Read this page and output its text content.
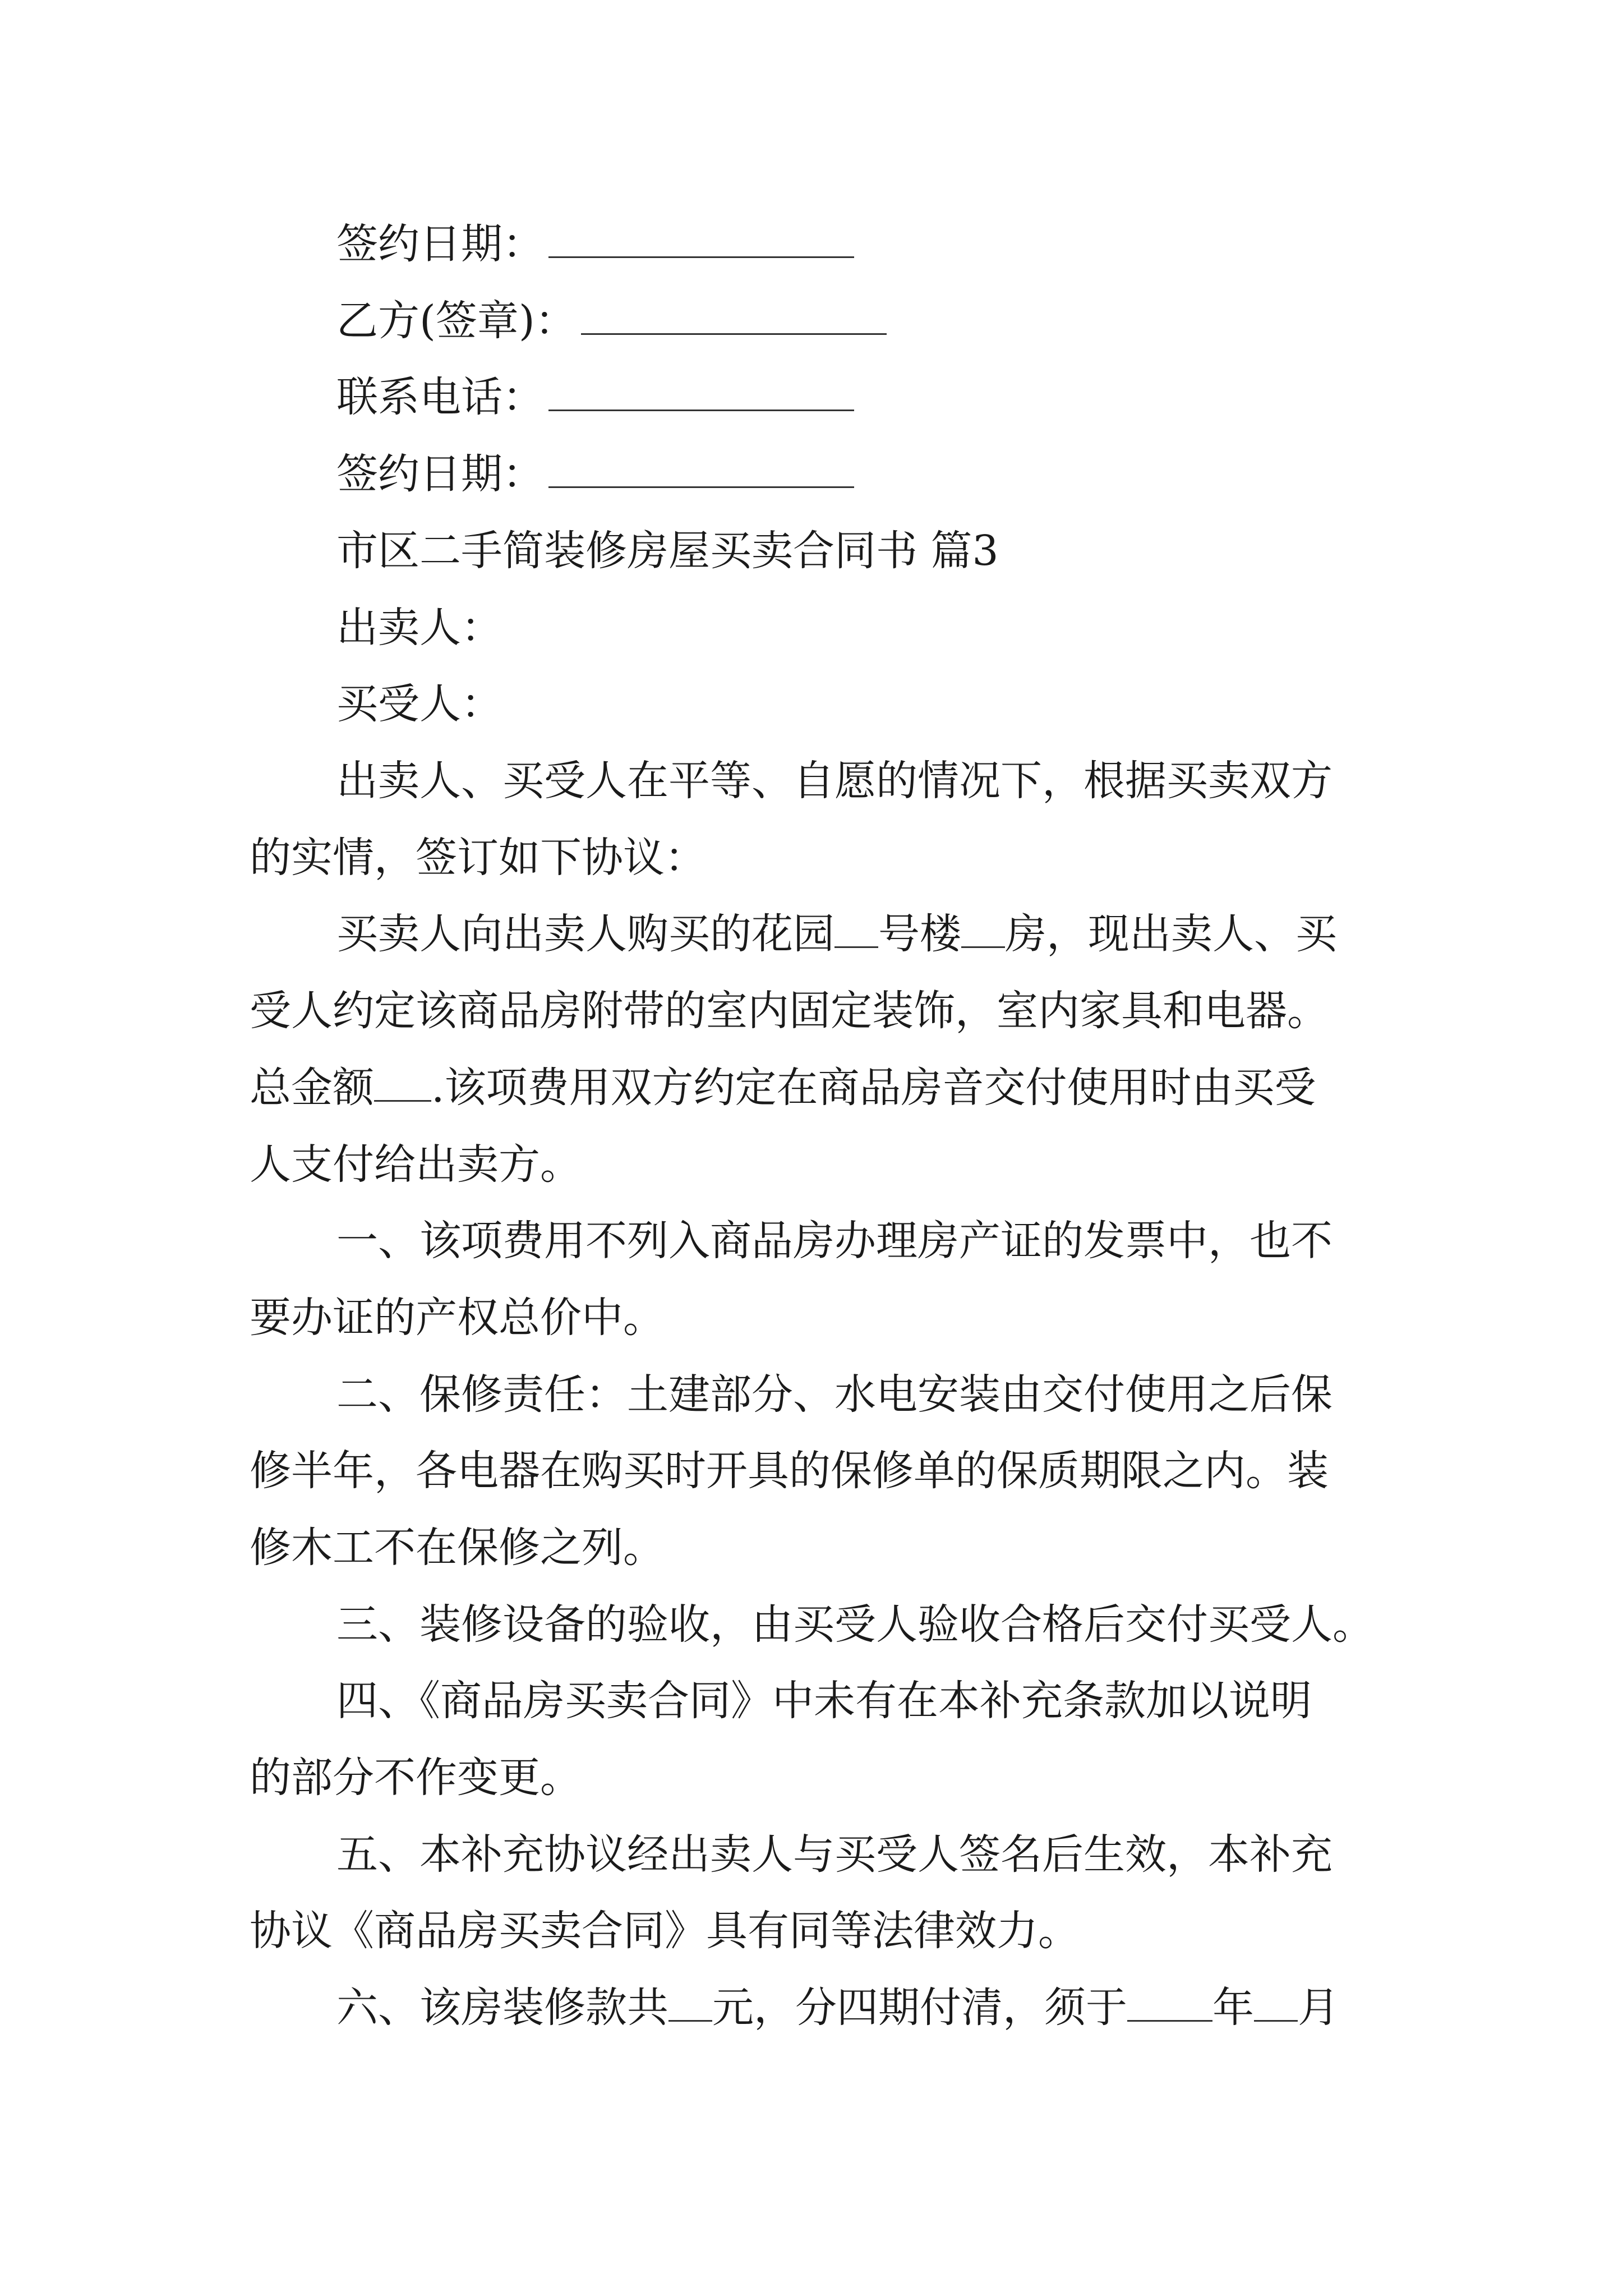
签约日期：
乙方(签章)：
联系电话：
签约日期：
市区二手简装修房屋买卖合同书 篇3
出卖人：
买受人：
出卖人、买受人在平等、自愿的情况下，根据买卖双方
的实情，签订如下协议：
买卖人向出卖人购买的花园 号楼 房，现出卖人、买
受人约定该商品房附带的室内固定装饰，室内家具和电器。
总金额 .该项费用双方约定在商品房音交付使用时由买受
人支付给出卖方。
一、该项费用不列入商品房办理房产证的发票中，也不
要办证的产权总价中。
二、保修责任：土建部分、水电安装由交付使用之后保
修半年，各电器在购买时开具的保修单的保质期限之内。装
修木工不在保修之列。
三、装修设备的验收，由买受人验收合格后交付买受人。
四、《商品房买卖合同》中未有在本补充条款加以说明
的部分不作变更。
五、本补充协议经出卖人与买受人签名后生效，本补充
协议《商品房买卖合同》具有同等法律效力。
六、该房装修款共 元，分四期付清，须于 年 月
